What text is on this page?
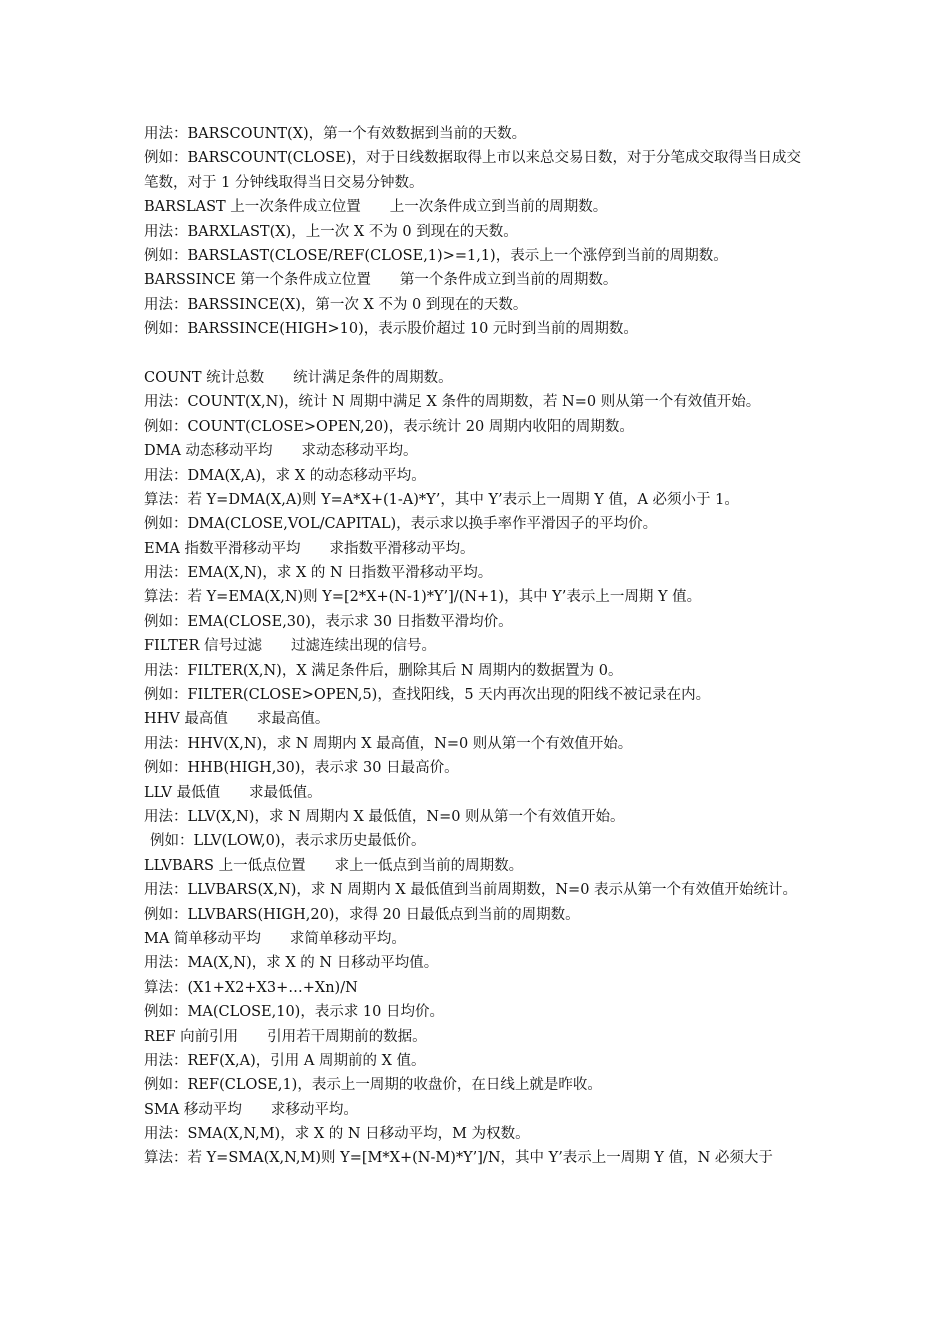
用法：BARSCOUNT(X)，第一个有效数据到当前的天数。
例如：BARSCOUNT(CLOSE)，对于日线数据取得上市以来总交易日数，对于分笔成交取得当日成交笔数，对于 1 分钟线取得当日交易分钟数。
BARSLAST 上一次条件成立位置　　上一次条件成立到当前的周期数。
用法：BARXLAST(X)，上一次 X 不为 0 到现在的天数。
例如：BARSLAST(CLOSE/REF(CLOSE,1)>=1,1)，表示上一个涨停到当前的周期数。
BARSSINCE 第一个条件成立位置　　第一个条件成立到当前的周期数。
用法：BARSSINCE(X)，第一次 X 不为 0 到现在的天数。
例如：BARSSINCE(HIGH>10)，表示股价超过 10 元时到当前的周期数。
COUNT 统计总数　　统计满足条件的周期数。
用法：COUNT(X,N)，统计 N 周期中满足 X 条件的周期数，若 N=0 则从第一个有效值开始。
例如：COUNT(CLOSE>OPEN,20)，表示统计 20 周期内收阳的周期数。
DMA 动态移动平均　　求动态移动平均。
用法：DMA(X,A)，求 X 的动态移动平均。
算法：若 Y=DMA(X,A)则 Y=A*X+(1-A)*Y’，其中 Y’表示上一周期 Y 值，A 必须小于 1。
例如：DMA(CLOSE,VOL/CAPITAL)，表示求以换手率作平滑因子的平均价。
EMA 指数平滑移动平均　　求指数平滑移动平均。
用法：EMA(X,N)，求 X 的 N 日指数平滑移动平均。
算法：若 Y=EMA(X,N)则 Y=[2*X+(N-1)*Y’]/(N+1)，其中 Y’表示上一周期 Y 值。
例如：EMA(CLOSE,30)，表示求 30 日指数平滑均价。
FILTER 信号过滤　　过滤连续出现的信号。
用法：FILTER(X,N)，X 满足条件后，删除其后 N 周期内的数据置为 0。
例如：FILTER(CLOSE>OPEN,5)，查找阳线，5 天内再次出现的阳线不被记录在内。
HHV 最高值　　求最高值。
用法：HHV(X,N)，求 N 周期内 X 最高值，N=0 则从第一个有效值开始。
例如：HHB(HIGH,30)，表示求 30 日最高价。
LLV 最低值　　求最低值。
用法：LLV(X,N)，求 N 周期内 X 最低值，N=0 则从第一个有效值开始。
例如：LLV(LOW,0)，表示求历史最低价。
LLVBARS 上一低点位置　　求上一低点到当前的周期数。
用法：LLVBARS(X,N)，求 N 周期内 X 最低值到当前周期数，N=0 表示从第一个有效值开始统计。
例如：LLVBARS(HIGH,20)，求得 20 日最低点到当前的周期数。
MA 简单移动平均　　求简单移动平均。
用法：MA(X,N)，求 X 的 N 日移动平均值。
算法：(X1+X2+X3+…+Xn)/N
例如：MA(CLOSE,10)，表示求 10 日均价。
REF 向前引用　　引用若干周期前的数据。
用法：REF(X,A)，引用 A 周期前的 X 值。
例如：REF(CLOSE,1)，表示上一周期的收盘价，在日线上就是昨收。
SMA 移动平均　　求移动平均。
用法：SMA(X,N,M)，求 X 的 N 日移动平均，M 为权数。
算法：若 Y=SMA(X,N,M)则 Y=[M*X+(N-M)*Y’]/N，其中 Y’表示上一周期 Y 值，N 必须大于
